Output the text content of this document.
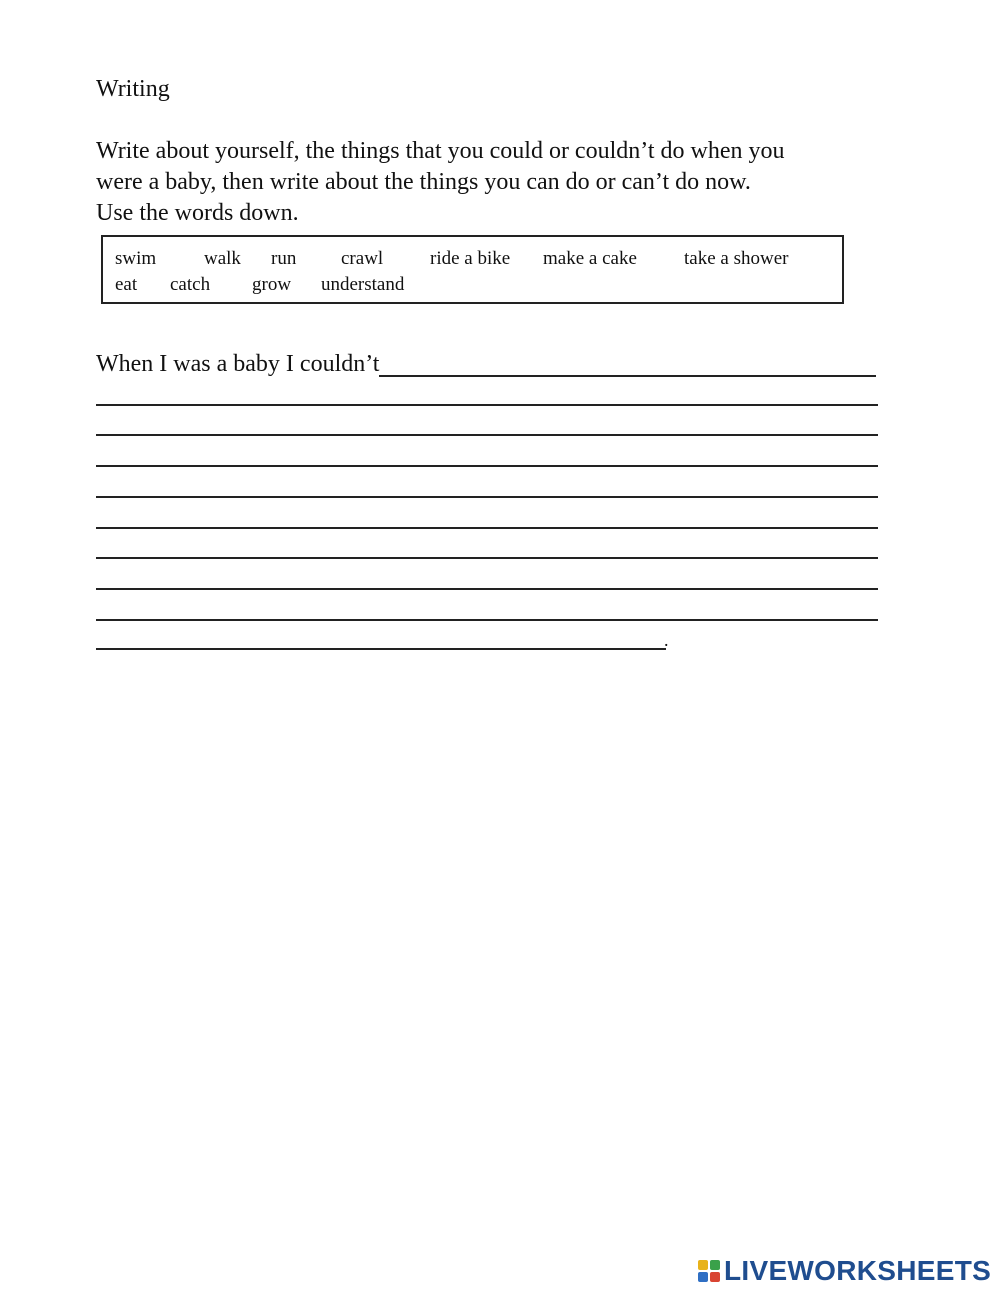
Writing
Write about yourself, the things that you could or couldn’t do when you
were a baby, then write about the things you can do or can’t do now.
Use the words down.
swim	walk run crawl ride a bike make a cake take a shower
eat catch grow understand
When I was a baby I couldn’t
.
LIVEWORKSHEETS
